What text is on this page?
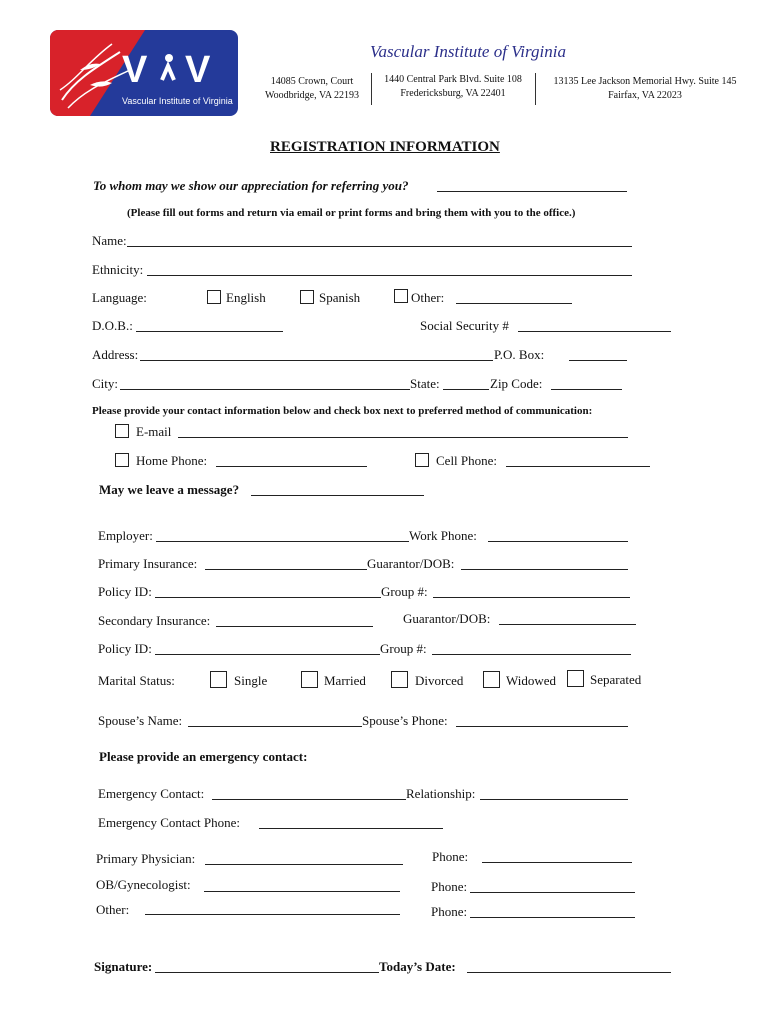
V V
Vascular Institute of Virginia
Vascular Institute of Virginia
14085 Crown, Court
Woodbridge, VA 22193
1440 Central Park Blvd. Suite 108
Fredericksburg, VA 22401
13135 Lee Jackson Memorial Hwy. Suite 145
Fairfax, VA 22023
REGISTRATION INFORMATION
To whom may we show our appreciation for referring you?
(Please fill out forms and return via email or print forms and bring them with you to the office.)
Name:
Ethnicity:
Language:	English	Spanish	Other:
D.O.B.:	Social Security #
Address:	P.O. Box:
City:	State:	Zip Code:
Please provide your contact information below and check box next to preferred method of communication:
E-mail
Home Phone:	Cell Phone:
May we leave a message?
Employer:	Work Phone:
Primary Insurance:	Guarantor/DOB:
Policy ID:	Group #:
Secondary Insurance:	Guarantor/DOB:
Policy ID:	Group #:
Marital Status:	Single	Married	Divorced	Widowed	Separated
Spouse’s Name:	Spouse’s Phone:
Please provide an emergency contact:
Emergency Contact:	Relationship:
Emergency Contact Phone:
Primary Physician:	Phone:
OB/Gynecologist:	Phone:
Other:	Phone:
Signature:	Today’s Date:
